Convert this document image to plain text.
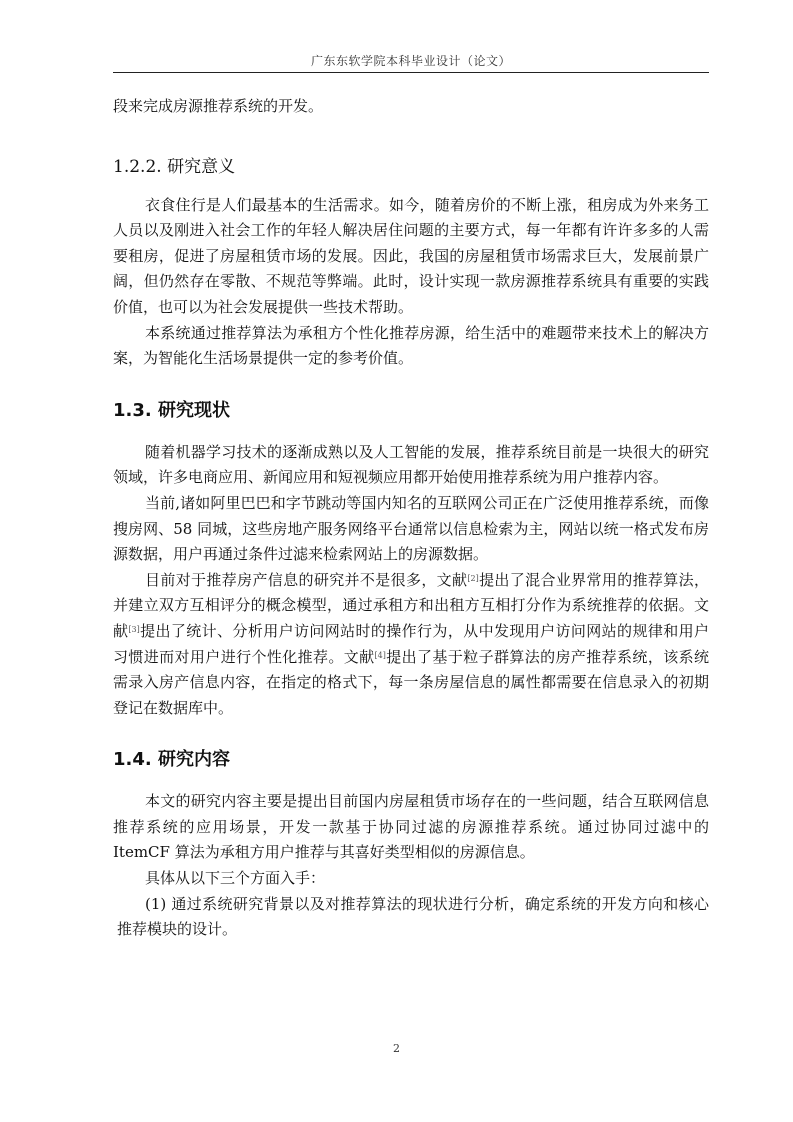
广东东软学院本科毕业设计（论文）

段来完成房源推荐系统的开发。

1.2.2. 研究意义

衣食住行是人们最基本的生活需求。如今，随着房价的不断上涨，租房成为外来务工人员以及刚进入社会工作的年轻人解决居住问题的主要方式，每一年都有许许多多的人需要租房，促进了房屋租赁市场的发展。因此，我国的房屋租赁市场需求巨大，发展前景广阔，但仍然存在零散、不规范等弊端。此时，设计实现一款房源推荐系统具有重要的实践价值，也可以为社会发展提供一些技术帮助。

本系统通过推荐算法为承租方个性化推荐房源，给生活中的难题带来技术上的解决方案，为智能化生活场景提供一定的参考价值。

1.3. 研究现状

随着机器学习技术的逐渐成熟以及人工智能的发展，推荐系统目前是一块很大的研究领域，许多电商应用、新闻应用和短视频应用都开始使用推荐系统为用户推荐内容。

当前,诸如阿里巴巴和字节跳动等国内知名的互联网公司正在广泛使用推荐系统，而像搜房网、58 同城，这些房地产服务网络平台通常以信息检索为主，网站以统一格式发布房源数据，用户再通过条件过滤来检索网站上的房源数据。

目前对于推荐房产信息的研究并不是很多，文献[2]提出了混合业界常用的推荐算法，并建立双方互相评分的概念模型，通过承租方和出租方互相打分作为系统推荐的依据。文献[3]提出了统计、分析用户访问网站时的操作行为，从中发现用户访问网站的规律和用户习惯进而对用户进行个性化推荐。文献[4]提出了基于粒子群算法的房产推荐系统，该系统需录入房产信息内容，在指定的格式下，每一条房屋信息的属性都需要在信息录入的初期登记在数据库中。

1.4. 研究内容

本文的研究内容主要是提出目前国内房屋租赁市场存在的一些问题，结合互联网信息推荐系统的应用场景，开发一款基于协同过滤的房源推荐系统。通过协同过滤中的 ItemCF 算法为承租方用户推荐与其喜好类型相似的房源信息。

具体从以下三个方面入手：

(1) 通过系统研究背景以及对推荐算法的现状进行分析，确定系统的开发方向和核心推荐模块的设计。

2
